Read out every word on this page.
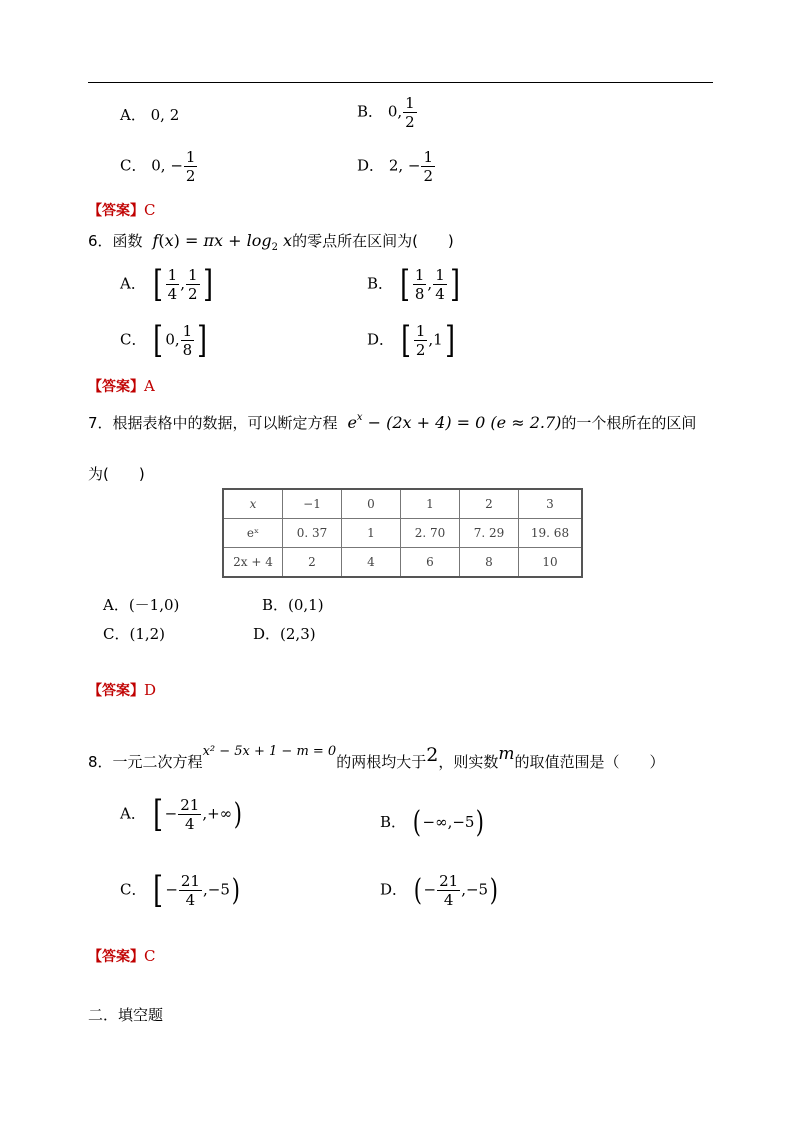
A． 0, 2	B． 0, $\frac{1}{2}$
C． 0, − $\frac{1}{2}$	D． 2, − $\frac{1}{2}$
【答案】C
6．函数 $f(x) = \pi x + \log_2 x$的零点所在区间为(　　)
A． [ $\frac{1}{4}$ , $\frac{1}{2}$ ]	B． [ $\frac{1}{8}$ , $\frac{1}{4}$ ]
C． [ 0, $\frac{1}{8}$ ]	D． [ $\frac{1}{2} ,1$]
【答案】A
7．根据表格中的数据，可以断定方程 $e^x - (2x + 4) = 0$ (e ≈ 2.7)的一个根所在的区间
为(　　)
x	−1	0	1	2	3
eˣ	0. 37	1	2. 70	7. 29	19. 68
2x + 4	2	4	6	8	10
A．(－1,0)	B．(0,1)
C．(1,2)	D．(2,3)
【答案】D
8．一元二次方程x² − 5x + 1 − m = 0的两根均大于2，则实数m的取值范围是（　　）
A． [ − $\frac{21}{4}$ ,+∞)	B． ( −∞,−5)
C． [ − $\frac{21}{4} ,-5$)	D． ( − $\frac{21}{4} ,-5$)
【答案】C
二．填空题
